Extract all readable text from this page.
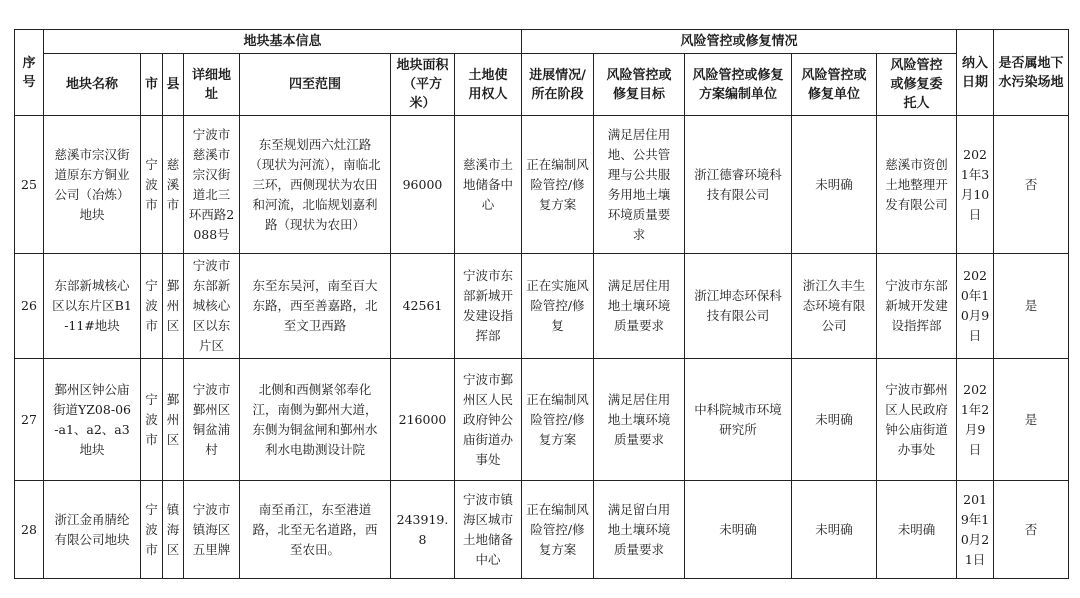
序号	地块基本信息							风险管控或修复情况					纳入日期	是否属地下水污染场地
	地块名称	市	县	详细地址	四至范围	地块面积（平方米）	土地使用权人	进展情况/所在阶段	风险管控或修复目标	风险管控或修复方案编制单位	风险管控或修复单位	风险管控或修复委托人		
25	慈溪市宗汉街道原东方铜业公司（冶炼）地块	宁波市	慈溪市	宁波市慈溪市宗汉街道北三环西路2088号	东至规划西六灶江路（现状为河流），南临北三环，西侧现状为农田和河流，北临规划嘉利路（现状为农田）	96000	慈溪市土地储备中心	正在编制风险管控/修复方案	满足居住用地、公共管理与公共服务用地土壤环境质量要求	浙江德睿环境科技有限公司	未明确	慈溪市资创土地整理开发有限公司	2021年3月10日	否
26	东部新城核心区以东片区B1-11#地块	宁波市	鄞州区	宁波市东部新城核心区以东片区	东至东吴河，南至百大东路，西至善嘉路，北至文卫西路	42561	宁波市东部新城开发建设指挥部	正在实施风险管控/修复	满足居住用地土壤环境质量要求	浙江坤态环保科技有限公司	浙江久丰生态环境有限公司	宁波市东部新城开发建设指挥部	2020年10月9日	是
27	鄞州区钟公庙街道YZ08-06-a1、a2、a3地块	宁波市	鄞州区	宁波市鄞州区铜盆浦村	北侧和西侧紧邻奉化江，南侧为鄞州大道，东侧为铜盆闸和鄞州水利水电勘测设计院	216000	宁波市鄞州区人民政府钟公庙街道办事处	正在编制风险管控/修复方案	满足居住用地土壤环境质量要求	中科院城市环境研究所	未明确	宁波市鄞州区人民政府钟公庙街道办事处	2021年2月9日	是
28	浙江金甬腈纶有限公司地块	宁波市	镇海区	宁波市镇海区五里牌	南至甬江，东至港道路，北至无名道路，西至农田。	243919.8	宁波市镇海区城市土地储备中心	正在编制风险管控/修复方案	满足留白用地土壤环境质量要求	未明确	未明确	未明确	2019年10月21日	否
